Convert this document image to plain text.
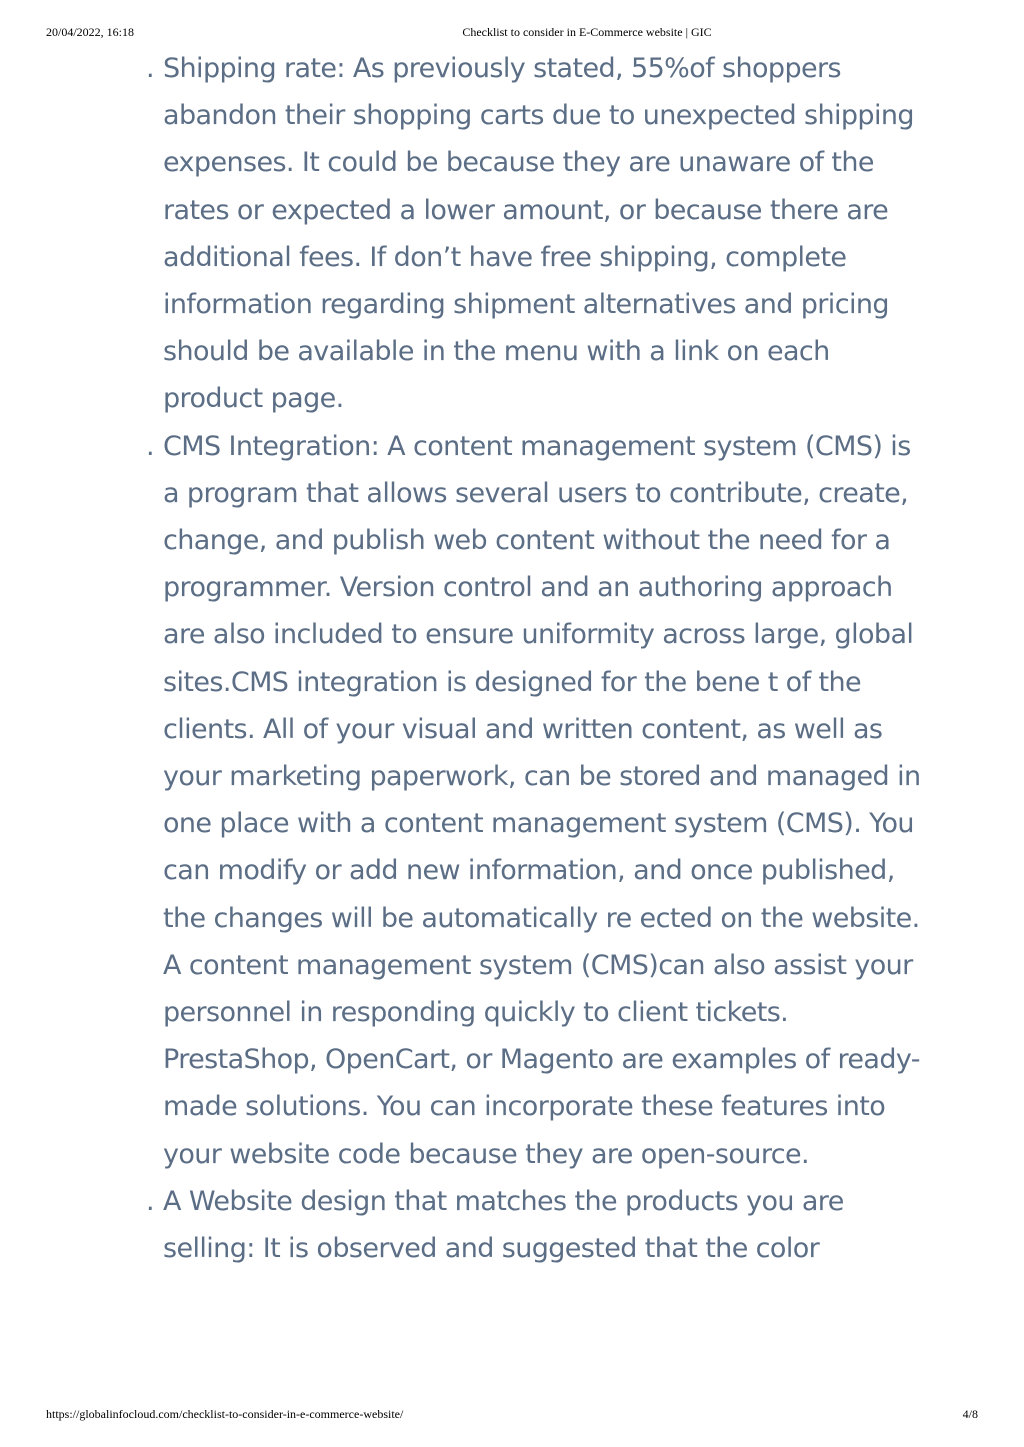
20/04/2022, 16:18	Checklist to consider in E-Commerce website | GIC
. Shipping rate: As previously stated, 55%of shoppers abandon their shopping carts due to unexpected shipping expenses. It could be because they are unaware of the rates or expected a lower amount, or because there are additional fees. If don’t have free shipping, complete information regarding shipment alternatives and pricing should be available in the menu with a link on each product page.

. CMS Integration: A content management system (CMS) is a program that allows several users to contribute, create, change, and publish web content without the need for a programmer. Version control and an authoring approach are also included to ensure uniformity across large, global sites.CMS integration is designed for the bene t of the clients. All of your visual and written content, as well as your marketing paperwork, can be stored and managed in one place with a content management system (CMS). You can modify or add new information, and once published, the changes will be automatically re ected on the website. A content management system (CMS)can also assist your personnel in responding quickly to client tickets. PrestaShop, OpenCart, or Magento are examples of ready-made solutions. You can incorporate these features into your website code because they are open-source.

. A Website design that matches the products you are selling: It is observed and suggested that the color

https://globalinfocloud.com/checklist-to-consider-in-e-commerce-website/	4/8
